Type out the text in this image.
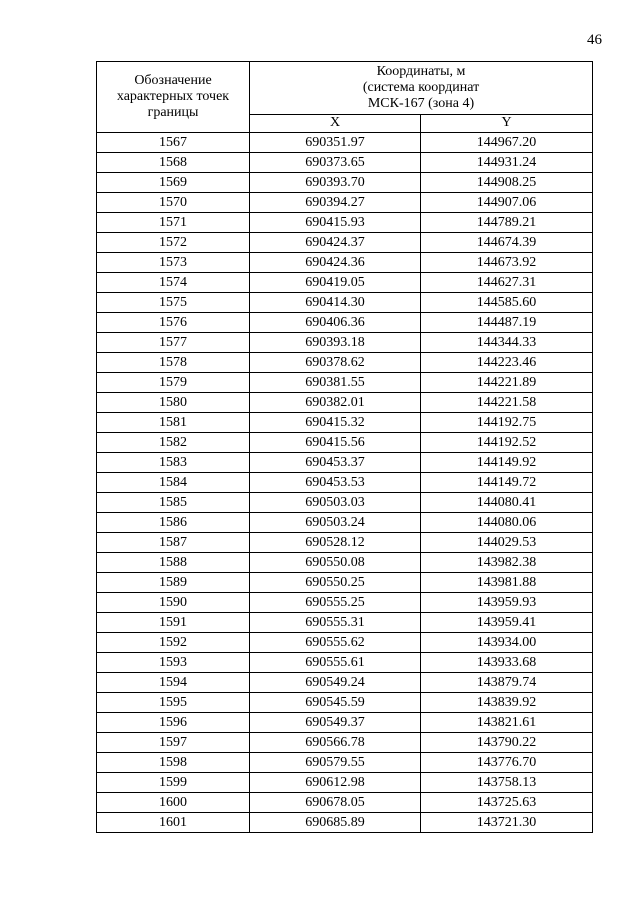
46
Обозначение характерных точек границы	Координаты, м
(система координат
МСК-167 (зона 4)	

	X	Y
1567	690351.97	144967.20
1568	690373.65	144931.24
1569	690393.70	144908.25
1570	690394.27	144907.06
1571	690415.93	144789.21
1572	690424.37	144674.39
1573	690424.36	144673.92
1574	690419.05	144627.31
1575	690414.30	144585.60
1576	690406.36	144487.19
1577	690393.18	144344.33
1578	690378.62	144223.46
1579	690381.55	144221.89
1580	690382.01	144221.58
1581	690415.32	144192.75
1582	690415.56	144192.52
1583	690453.37	144149.92
1584	690453.53	144149.72
1585	690503.03	144080.41
1586	690503.24	144080.06
1587	690528.12	144029.53
1588	690550.08	143982.38
1589	690550.25	143981.88
1590	690555.25	143959.93
1591	690555.31	143959.41
1592	690555.62	143934.00
1593	690555.61	143933.68
1594	690549.24	143879.74
1595	690545.59	143839.92
1596	690549.37	143821.61
1597	690566.78	143790.22
1598	690579.55	143776.70
1599	690612.98	143758.13
1600	690678.05	143725.63
1601	690685.89	143721.30
